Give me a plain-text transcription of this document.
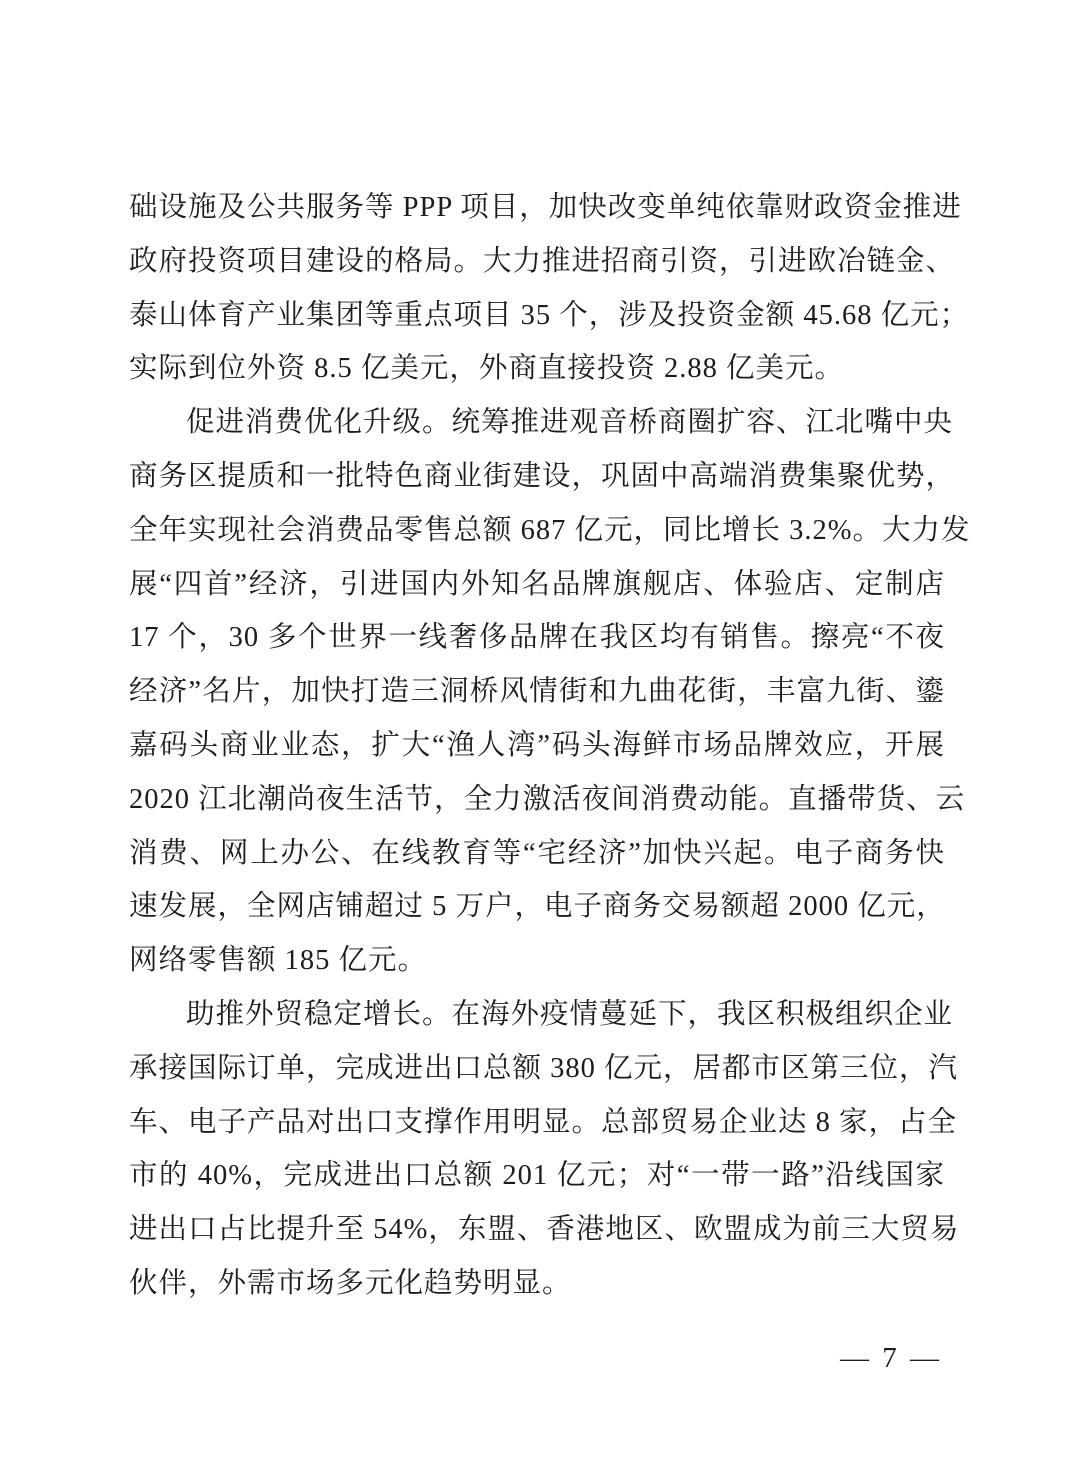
础设施及公共服务等 PPP 项目，加快改变单纯依靠财政资金推进
政府投资项目建设的格局。大力推进招商引资，引进欧冶链金、
泰山体育产业集团等重点项目 35 个，涉及投资金额 45.68 亿元；
实际到位外资 8.5 亿美元，外商直接投资 2.88 亿美元。
促进消费优化升级。统筹推进观音桥商圈扩容、江北嘴中央
商务区提质和一批特色商业街建设，巩固中高端消费集聚优势，
全年实现社会消费品零售总额 687 亿元，同比增长 3.2%。大力发
展“四首”经济，引进国内外知名品牌旗舰店、体验店、定制店
17 个，30 多个世界一线奢侈品牌在我区均有销售。擦亮“不夜
经济”名片，加快打造三洞桥风情街和九曲花街，丰富九街、鎏
嘉码头商业业态，扩大“渔人湾”码头海鲜市场品牌效应，开展
2020 江北潮尚夜生活节，全力激活夜间消费动能。直播带货、云
消费、网上办公、在线教育等“宅经济”加快兴起。电子商务快
速发展，全网店铺超过 5 万户，电子商务交易额超 2000 亿元，
网络零售额 185 亿元。
助推外贸稳定增长。在海外疫情蔓延下，我区积极组织企业
承接国际订单，完成进出口总额 380 亿元，居都市区第三位，汽
车、电子产品对出口支撑作用明显。总部贸易企业达 8 家，占全
市的 40%，完成进出口总额 201 亿元；对“一带一路”沿线国家
进出口占比提升至 54%，东盟、香港地区、欧盟成为前三大贸易
伙伴，外需市场多元化趋势明显。
— 7 —
